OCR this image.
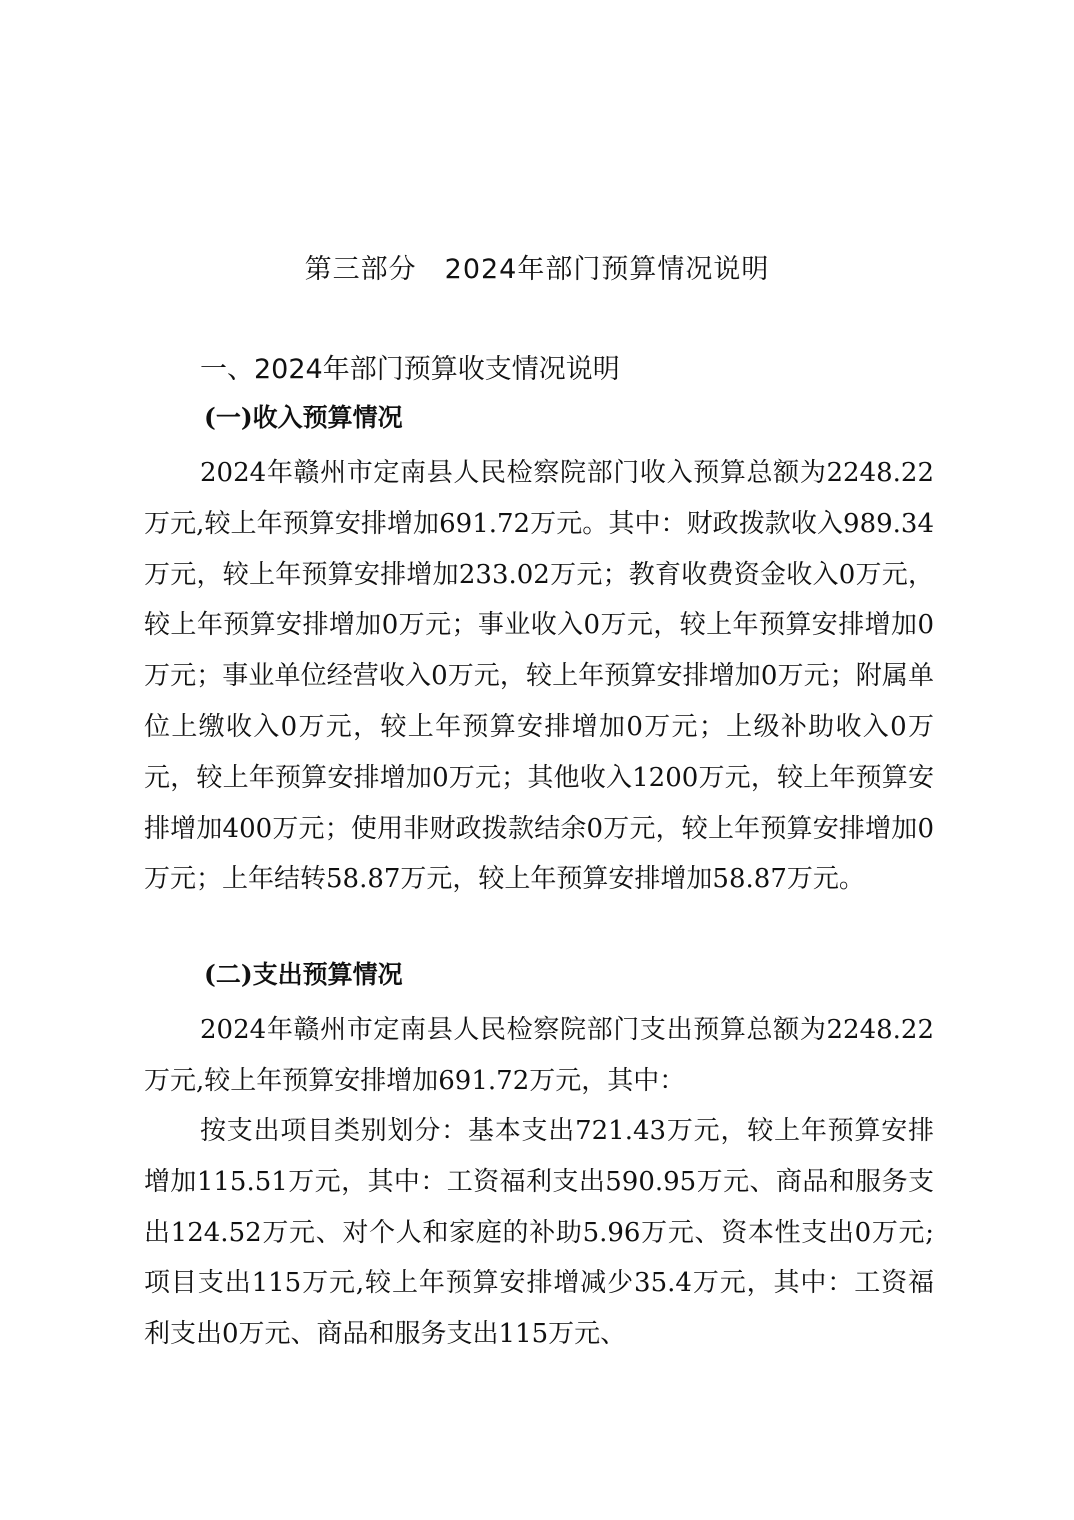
第三部分　2024年部门预算情况说明
一、2024年部门预算收支情况说明
(一)收入预算情况

2024年赣州市定南县人民检察院部门收入预算总额为2248.22万元,较上年预算安排增加691.72万元。其中：财政拨款收入989.34万元，较上年预算安排增加233.02万元；教育收费资金收入0万元，较上年预算安排增加0万元；事业收入0万元，较上年预算安排增加0万元；事业单位经营收入0万元，较上年预算安排增加0万元；附属单位上缴收入0万元，较上年预算安排增加0万元；上级补助收入0万元，较上年预算安排增加0万元；其他收入1200万元，较上年预算安排增加400万元；使用非财政拨款结余0万元，较上年预算安排增加0万元；上年结转58.87万元，较上年预算安排增加58.87万元。

(二)支出预算情况

2024年赣州市定南县人民检察院部门支出预算总额为2248.22万元,较上年预算安排增加691.72万元，其中：

按支出项目类别划分：基本支出721.43万元，较上年预算安排增加115.51万元，其中：工资福利支出590.95万元、商品和服务支出124.52万元、对个人和家庭的补助5.96万元、资本性支出0万元;项目支出115万元,较上年预算安排增减少35.4万元，其中：工资福利支出0万元、商品和服务支出115万元、
